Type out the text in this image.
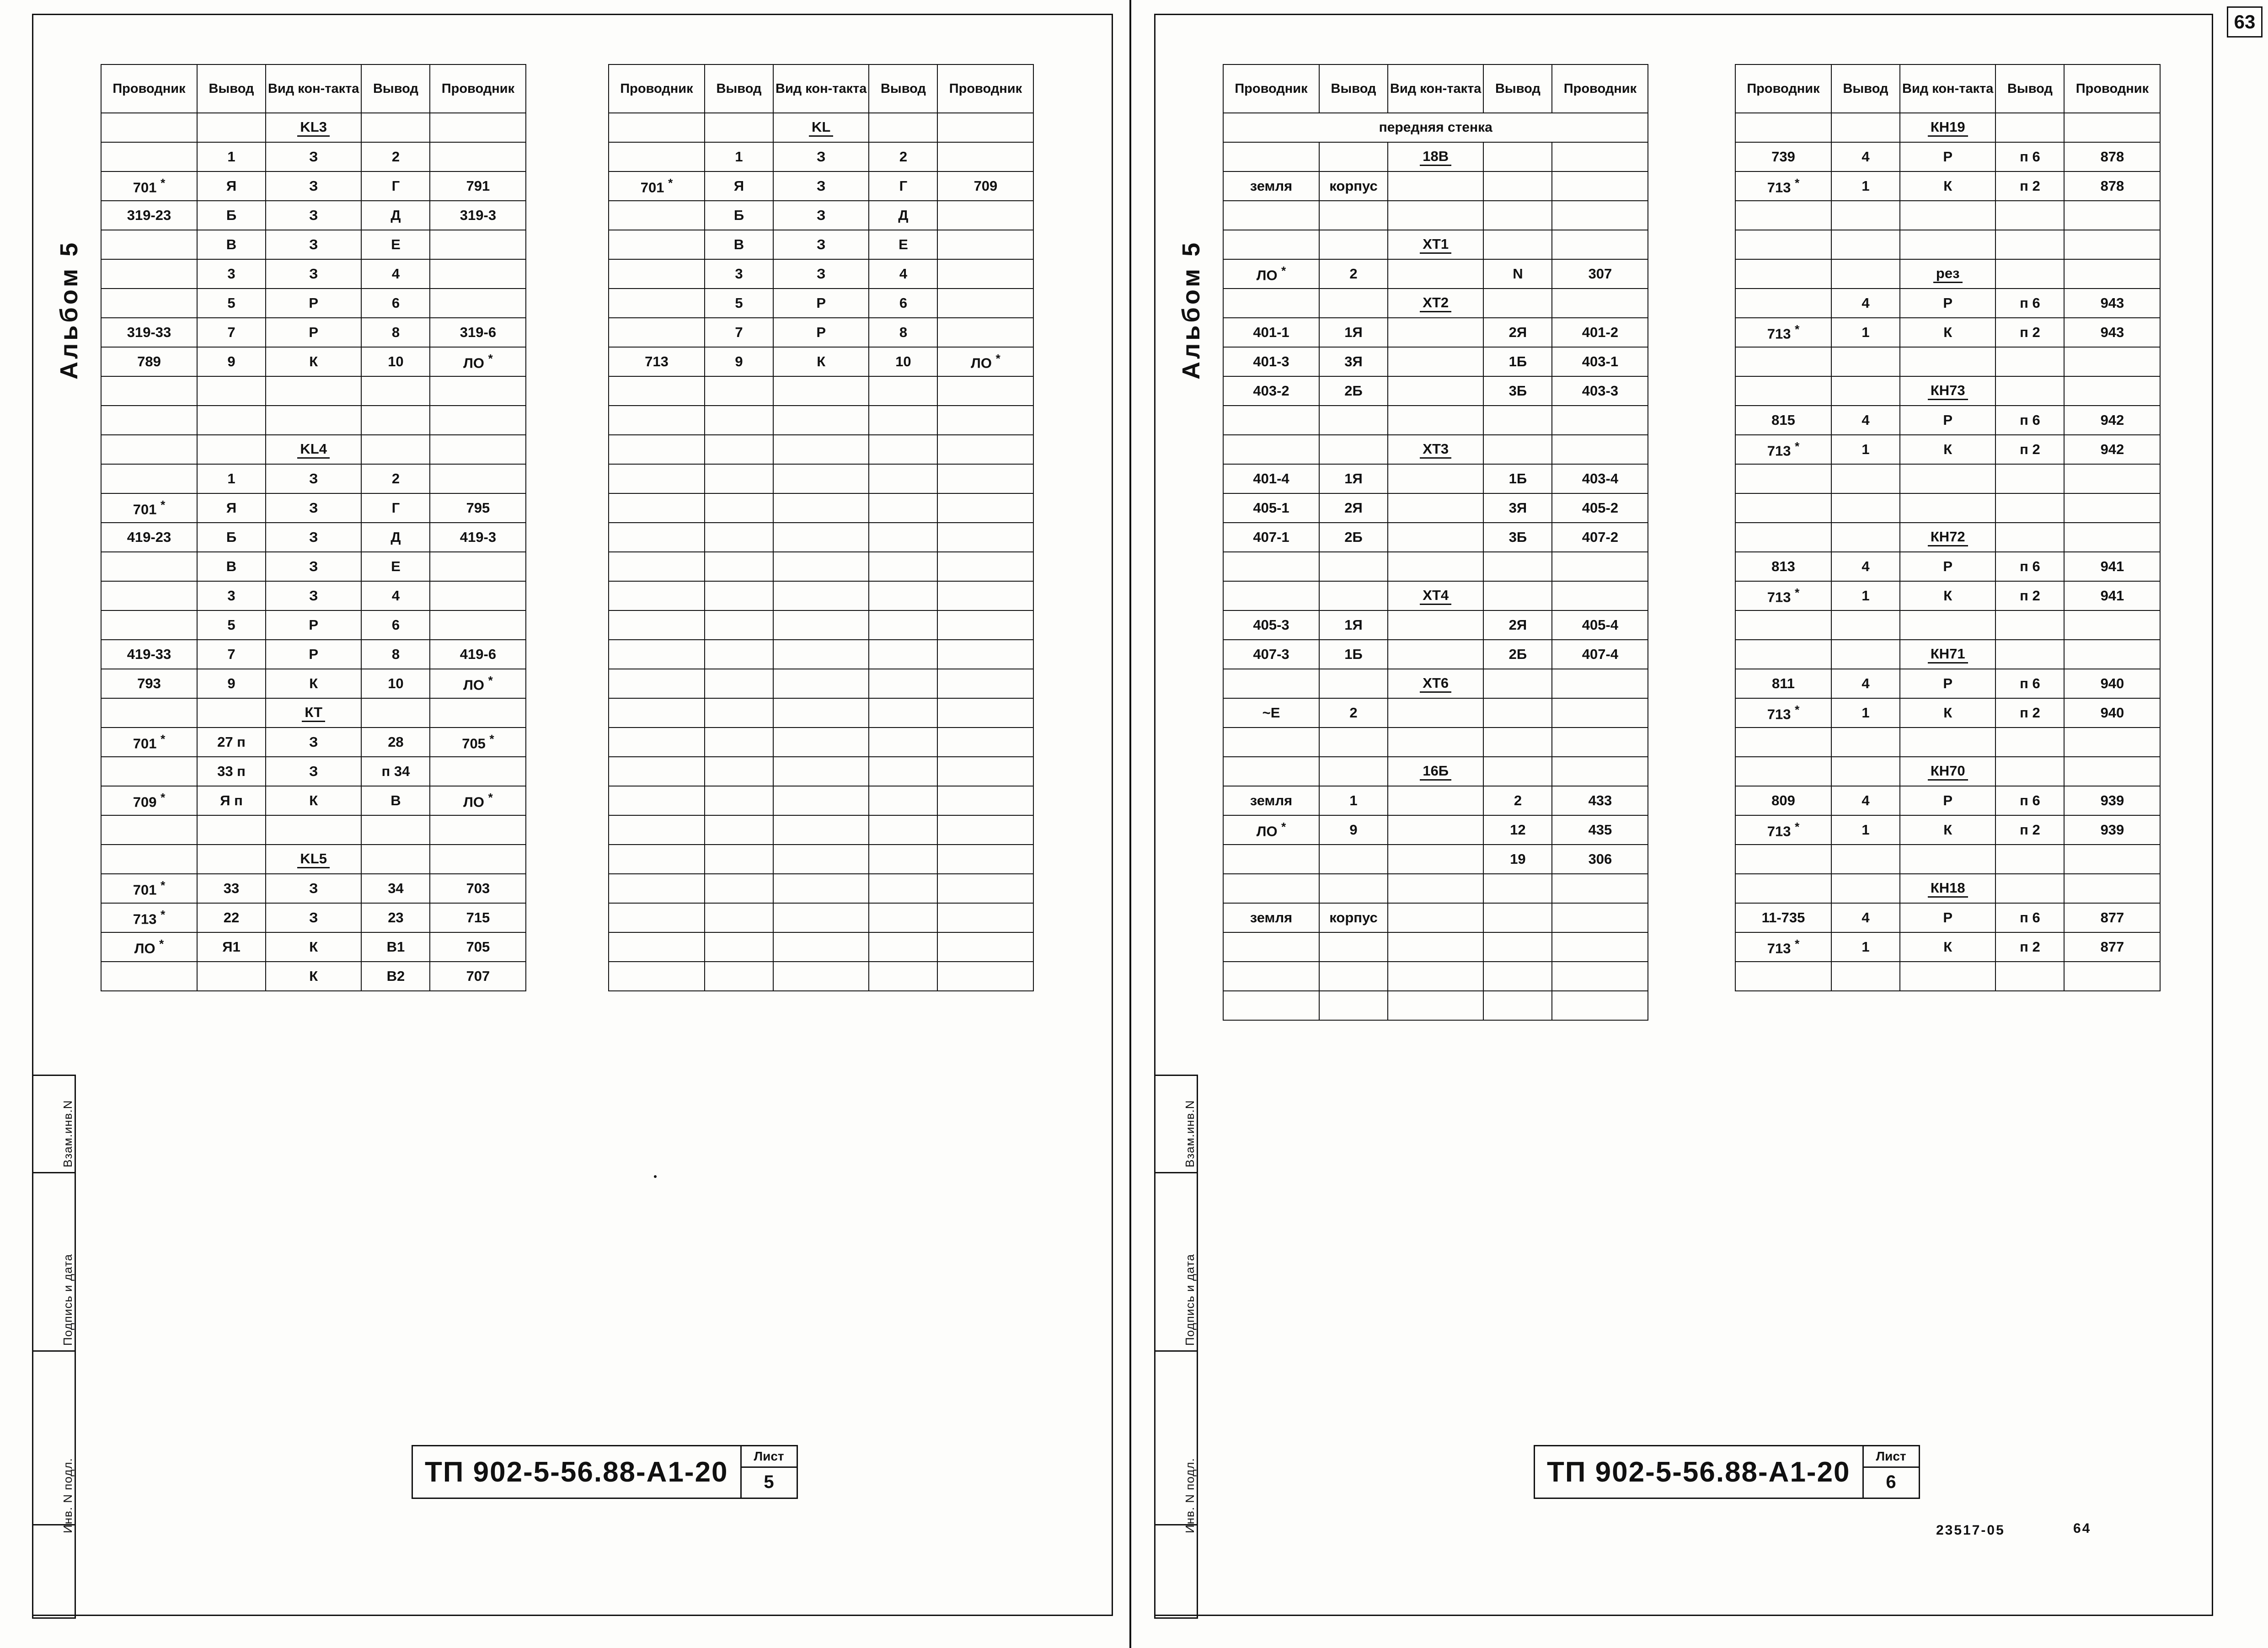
63
Взам.инв.N
Подпись и дата
Инв. N подл.
Альбом 5
Проводник	Вывод	Вид кон-такта	Вывод	Проводник
		KL3		
	1	З	2	
701 *	Я	З	Г	791
319-23	Б	З	Д	319-3
	В	З	Е	
	3	З	4	
	5	Р	6	
319-33	7	Р	8	319-6
789	9	К	10	ЛО *

		KL4		
	1	З	2	
701 *	Я	З	Г	795
419-23	Б	З	Д	419-3
	В	З	Е	
	3	З	4	
	5	Р	6	
419-33	7	Р	8	419-6
793	9	К	10	ЛО *
		КТ		
701 *	27 п	З	28	705 *
	33 п	З	п 34	
709 *	Я п	К	В	ЛО *

		KL5		
701 *	33	З	34	703
713 *	22	З	23	715
ЛО *	Я1	К	В1	705
		К	В2	707
Проводник	Вывод	Вид кон-такта	Вывод	Проводник
		KL		
	1	З	2	
701 *	Я	З	Г	709
	Б	З	Д	
	В	З	Е	
	3	З	4	
	5	Р	6	
	7	Р	8	
713	9	К	10	ЛО *

ТП 902-5-56.88-А1-20	Лист
5
Взам.инв.N
Подпись и дата
Инв. N подл.
Альбом 5
Проводник	Вывод	Вид кон-такта	Вывод	Проводник
передняя стенка				
		18В		
земля	корпус			

		ХТ1		
ЛО *	2		N	307
		ХТ2		
401-1	1Я		2Я	401-2
401-3	3Я		1Б	403-1
403-2	2Б		3Б	403-3

		ХТ3		
401-4	1Я		1Б	403-4
405-1	2Я		3Я	405-2
407-1	2Б		3Б	407-2

		ХТ4		
405-3	1Я		2Я	405-4
407-3	1Б		2Б	407-4
		ХТ6		
~Е	2			

		16Б		
земля	1		2	433
ЛО *	9		12	435
			19	306

земля	корпус			

Проводник	Вывод	Вид кон-такта	Вывод	Проводник
		КН19		
739	4	Р	п 6	878
713 *	1	К	п 2	878

		рез		
	4	Р	п 6	943
713 *	1	К	п 2	943

		КН73		
815	4	Р	п 6	942
713 *	1	К	п 2	942

		КН72		
813	4	Р	п 6	941
713 *	1	К	п 2	941

		КН71		
811	4	Р	п 6	940
713 *	1	К	п 2	940

		КН70		
809	4	Р	п 6	939
713 *	1	К	п 2	939

		КН18		
11-735	4	Р	п 6	877
713 *	1	К	п 2	877

ТП 902-5-56.88-А1-20	Лист
6
23517-05	64
